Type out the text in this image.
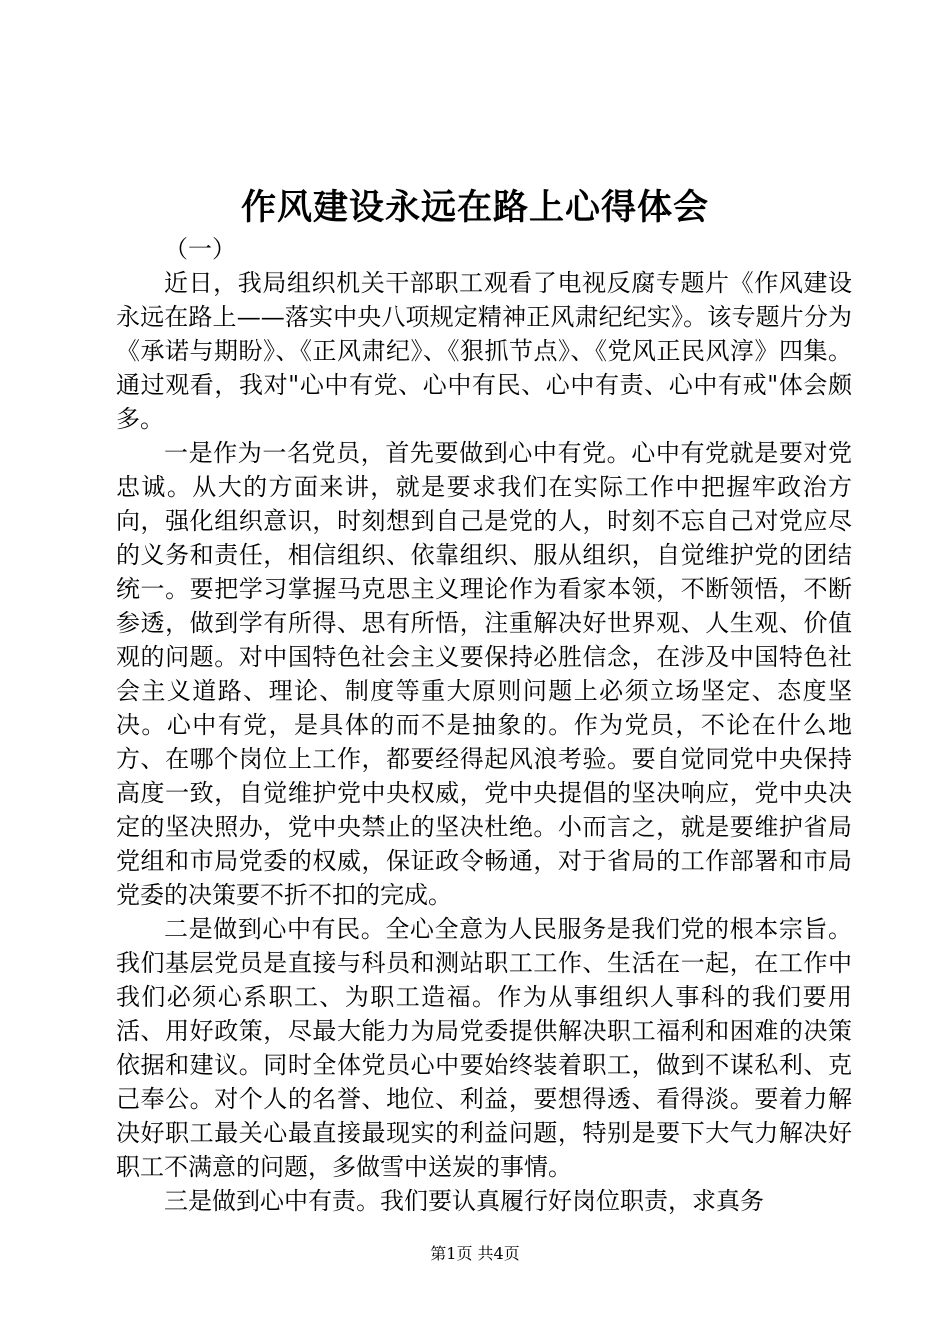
作风建设永远在路上心得体会

（一）

近日，我局组织机关干部职工观看了电视反腐专题片《作风建设永远在路上——落实中央八项规定精神正风肃纪纪实》。该专题片分为《承诺与期盼》、《正风肃纪》、《狠抓节点》、《党风正民风淳》四集。通过观看，我对"心中有党、心中有民、心中有责、心中有戒"体会颇多。

一是作为一名党员，首先要做到心中有党。心中有党就是要对党忠诚。从大的方面来讲，就是要求我们在实际工作中把握牢政治方向，强化组织意识，时刻想到自己是党的人，时刻不忘自己对党应尽的义务和责任，相信组织、依靠组织、服从组织，自觉维护党的团结统一。要把学习掌握马克思主义理论作为看家本领，不断领悟，不断参透，做到学有所得、思有所悟，注重解决好世界观、人生观、价值观的问题。对中国特色社会主义要保持必胜信念，在涉及中国特色社会主义道路、理论、制度等重大原则问题上必须立场坚定、态度坚决。心中有党，是具体的而不是抽象的。作为党员，不论在什么地方、在哪个岗位上工作，都要经得起风浪考验。要自觉同党中央保持高度一致，自觉维护党中央权威，党中央提倡的坚决响应，党中央决定的坚决照办，党中央禁止的坚决杜绝。小而言之，就是要维护省局党组和市局党委的权威，保证政令畅通，对于省局的工作部署和市局党委的决策要不折不扣的完成。

二是做到心中有民。全心全意为人民服务是我们党的根本宗旨。我们基层党员是直接与科员和测站职工工作、生活在一起，在工作中我们必须心系职工、为职工造福。作为从事组织人事科的我们要用活、用好政策，尽最大能力为局党委提供解决职工福利和困难的决策依据和建议。同时全体党员心中要始终装着职工，做到不谋私利、克己奉公。对个人的名誉、地位、利益，要想得透、看得淡。要着力解决好职工最关心最直接最现实的利益问题，特别是要下大气力解决好职工不满意的问题，多做雪中送炭的事情。

三是做到心中有责。我们要认真履行好岗位职责，求真务

第1页 共4页
